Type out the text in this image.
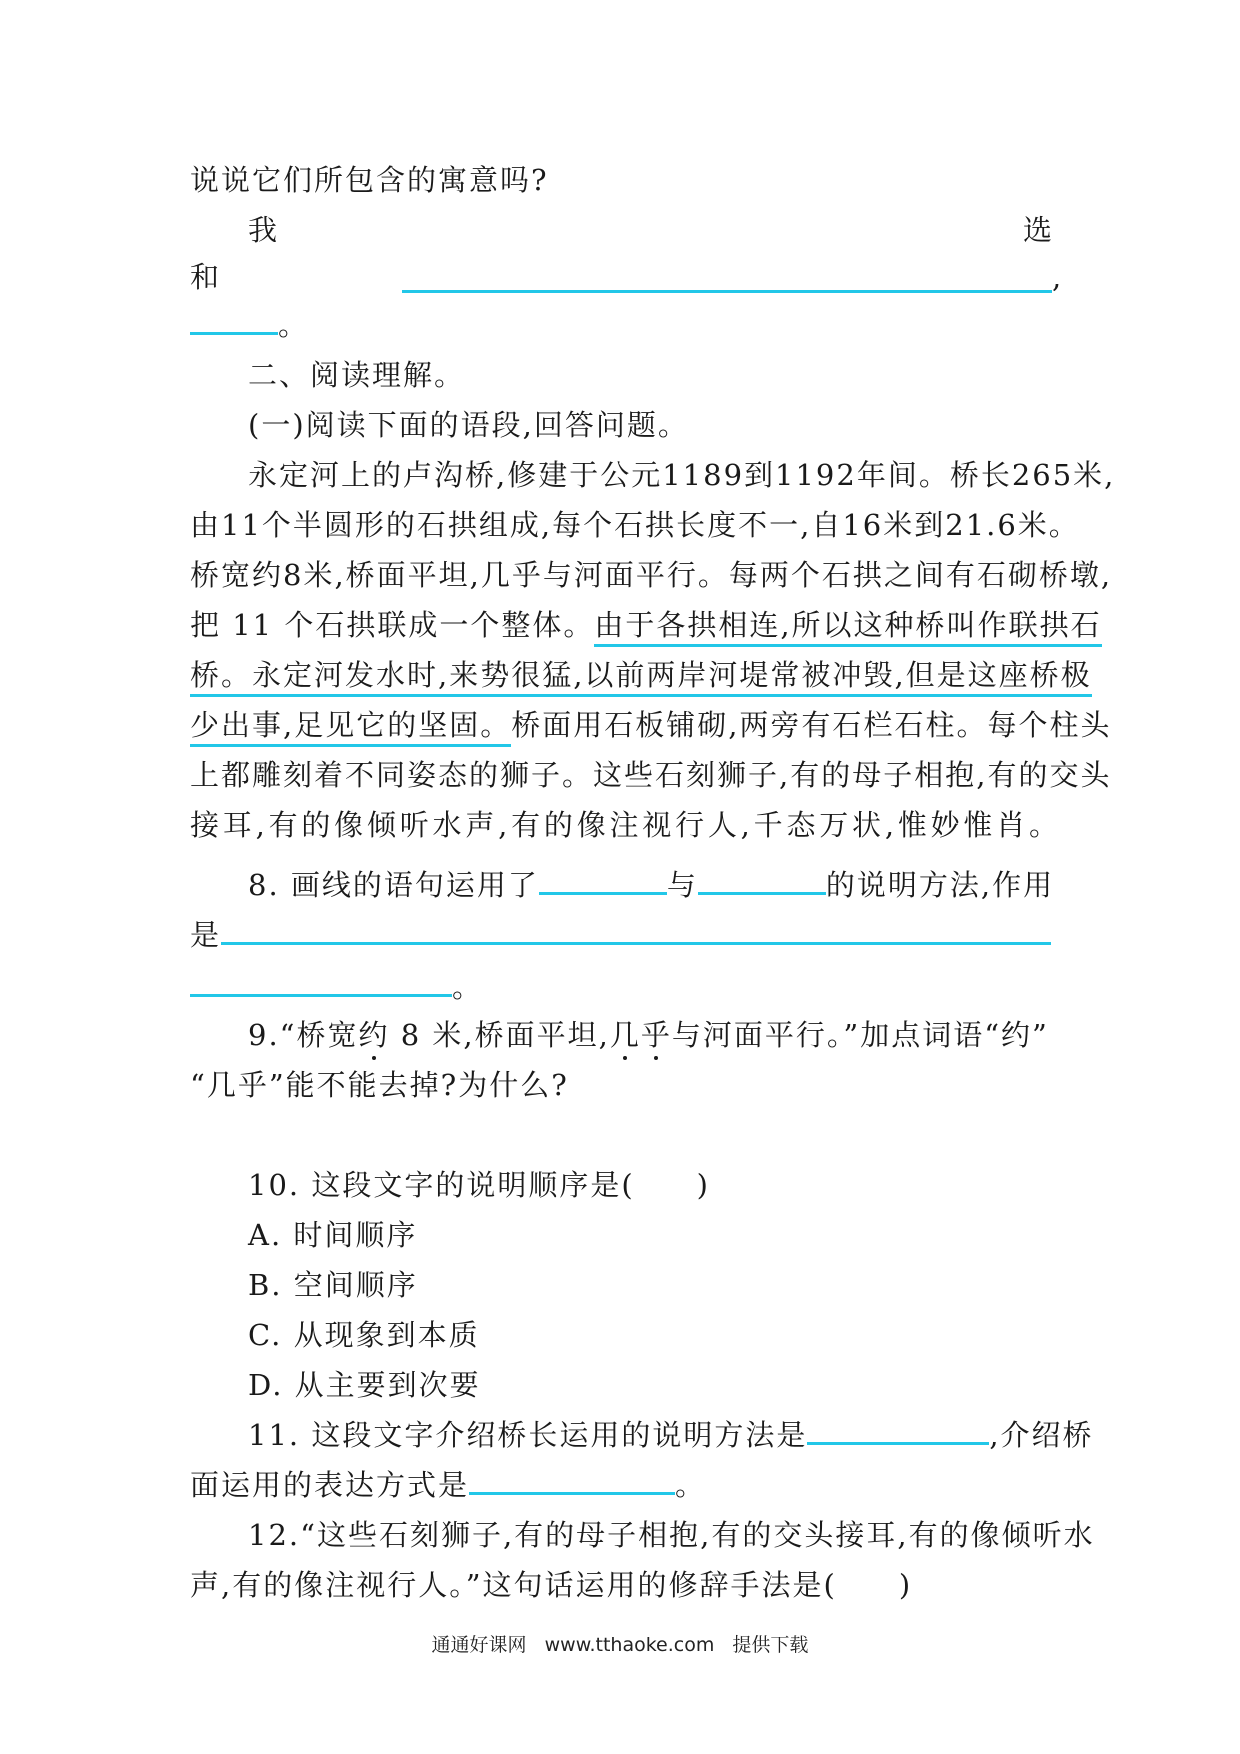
说说它们所包含的寓意吗?
我	选
和	,
。
二、阅读理解。
(一)阅读下面的语段,回答问题。
永定河上的卢沟桥,修建于公元1189到1192年间。桥长265米,
由11个半圆形的石拱组成,每个石拱长度不一,自16米到21.6米。
桥宽约8米,桥面平坦,几乎与河面平行。每两个石拱之间有石砌桥墩,
把 11 个石拱联成一个整体。由于各拱相连,所以这种桥叫作联拱石
桥。永定河发水时,来势很猛,以前两岸河堤常被冲毁,但是这座桥极
少出事,足见它的坚固。桥面用石板铺砌,两旁有石栏石柱。每个柱头
上都雕刻着不同姿态的狮子。这些石刻狮子,有的母子相抱,有的交头
接耳,有的像倾听水声,有的像注视行人,千态万状,惟妙惟肖。
8. 画线的语句运用了	与	的说明方法,作用
是
。
9.“桥宽约 8 米,桥面平坦,几乎与河面平行。”加点词语“约”
“几乎”能不能去掉?为什么?
10. 这段文字的说明顺序是(　　)
A. 时间顺序
B. 空间顺序
C. 从现象到本质
D. 从主要到次要
11. 这段文字介绍桥长运用的说明方法是	,介绍桥
面运用的表达方式是	。
12.“这些石刻狮子,有的母子相抱,有的交头接耳,有的像倾听水
声,有的像注视行人。”这句话运用的修辞手法是(　　)
通通好课网 www.tthaoke.com 提供下载
